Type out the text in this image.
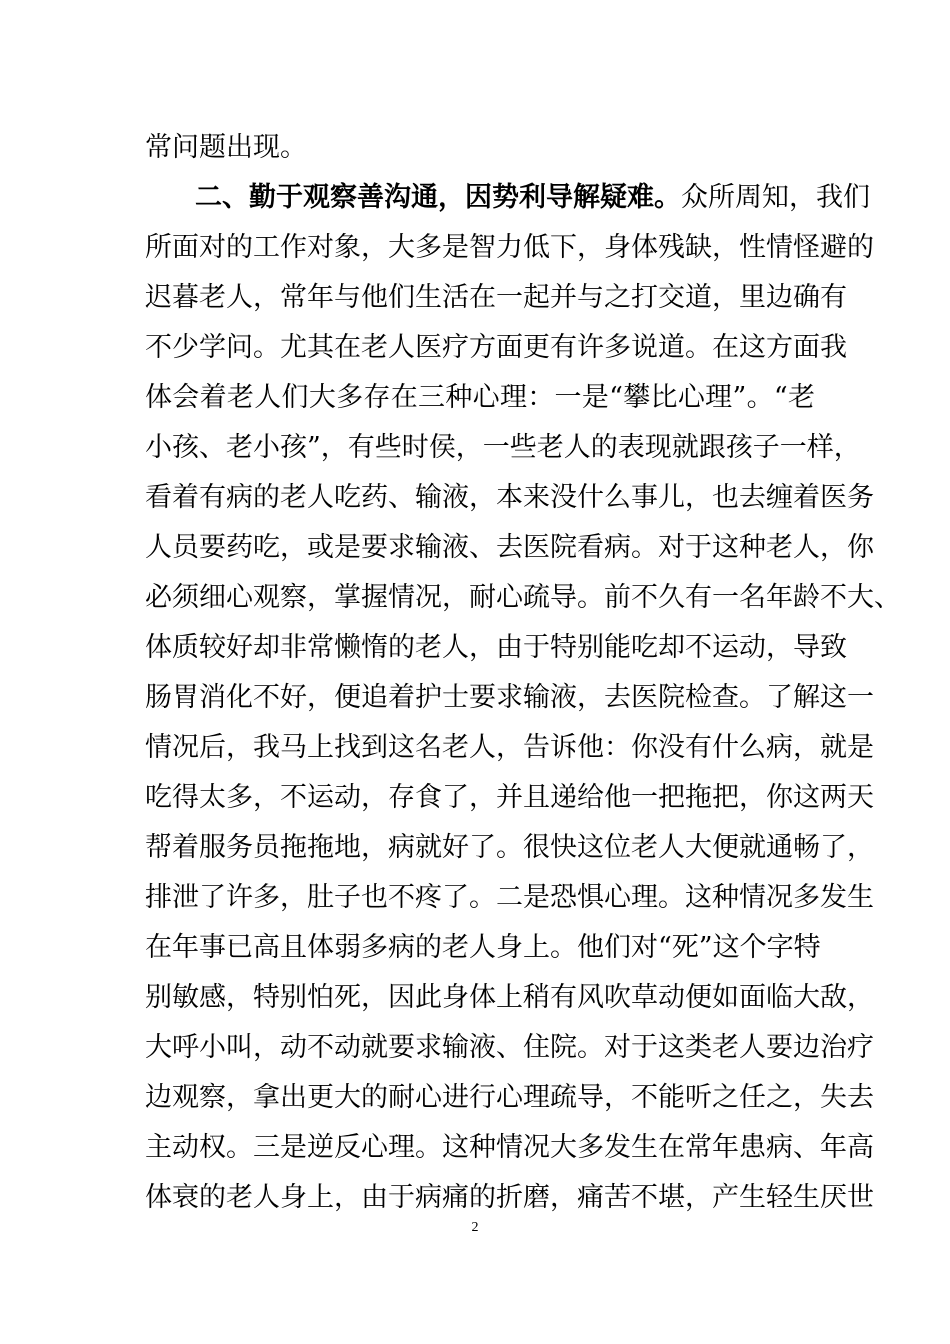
常问题出现。
二、勤于观察善沟通，因势利导解疑难。众所周知，我们
所面对的工作对象，大多是智力低下，身体残缺，性情怪避的
迟暮老人，常年与他们生活在一起并与之打交道，里边确有
不少学问。尤其在老人医疗方面更有许多说道。在这方面我
体会着老人们大多存在三种心理：一是“攀比心理”。“老
小孩、老小孩”，有些时侯，一些老人的表现就跟孩子一样，
看着有病的老人吃药、输液，本来没什么事儿，也去缠着医务
人员要药吃，或是要求输液、去医院看病。对于这种老人，你
必须细心观察，掌握情况，耐心疏导。前不久有一名年龄不大、
体质较好却非常懒惰的老人，由于特别能吃却不运动，导致
肠胃消化不好，便追着护士要求输液，去医院检查。了解这一
情况后，我马上找到这名老人，告诉他：你没有什么病，就是
吃得太多，不运动，存食了，并且递给他一把拖把，你这两天
帮着服务员拖拖地，病就好了。很快这位老人大便就通畅了，
排泄了许多，肚子也不疼了。二是恐惧心理。这种情况多发生
在年事已高且体弱多病的老人身上。他们对“死”这个字特
别敏感，特别怕死，因此身体上稍有风吹草动便如面临大敌，
大呼小叫，动不动就要求输液、住院。对于这类老人要边治疗
边观察，拿出更大的耐心进行心理疏导，不能听之任之，失去
主动权。三是逆反心理。这种情况大多发生在常年患病、年高
体衰的老人身上，由于病痛的折磨，痛苦不堪，产生轻生厌世
2
